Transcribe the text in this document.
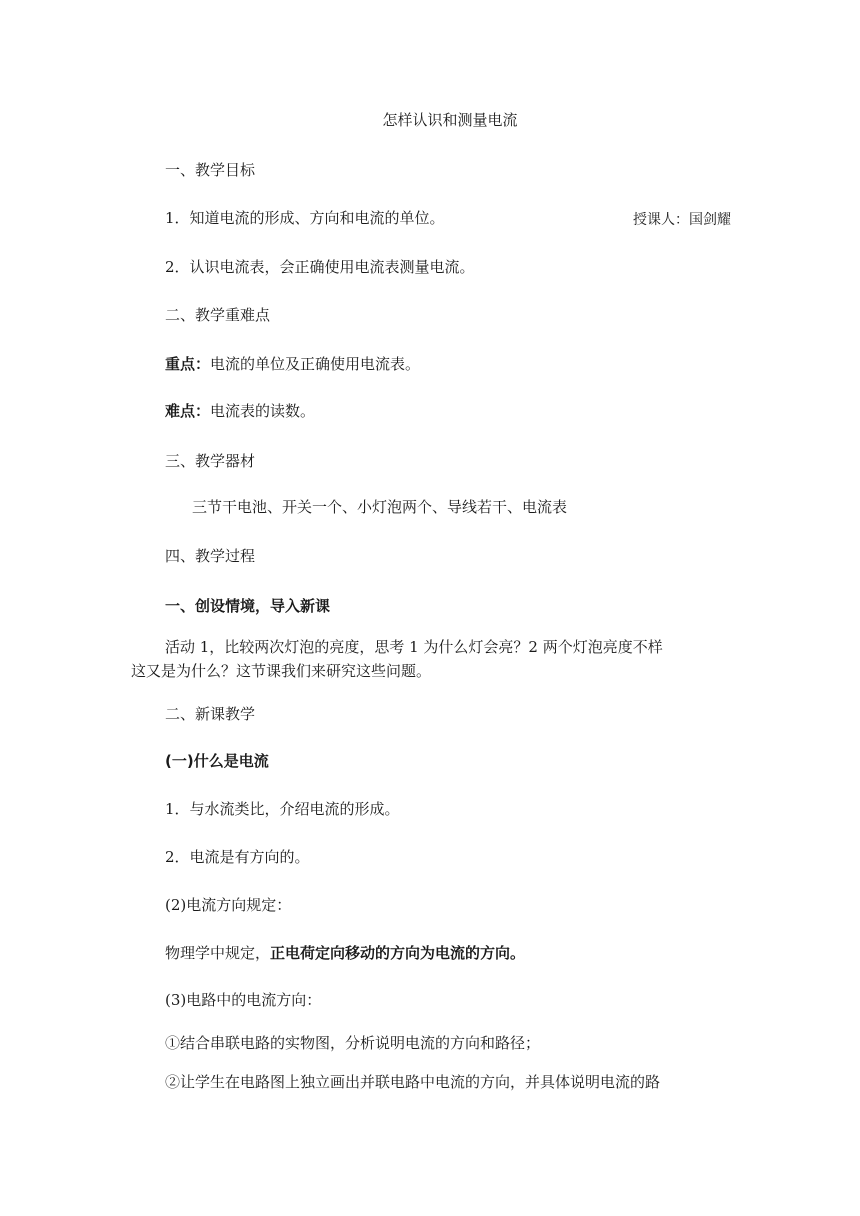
怎样认识和测量电流
一、教学目标
1．知道电流的形成、方向和电流的单位。	授课人：国剑耀
2．认识电流表，会正确使用电流表测量电流。
二、教学重难点
重点：电流的单位及正确使用电流表。
难点：电流表的读数。
三、教学器材
三节干电池、开关一个、小灯泡两个、导线若干、电流表
四、教学过程
一、创设情境，导入新课
活动 1，比较两次灯泡的亮度，思考 1 为什么灯会亮？2 两个灯泡亮度不样
这又是为什么？这节课我们来研究这些问题。
二、新课教学
(一)什么是电流
1．与水流类比，介绍电流的形成。
2．电流是有方向的。
(2)电流方向规定：
物理学中规定，正电荷定向移动的方向为电流的方向。
(3)电路中的电流方向：
①结合串联电路的实物图，分析说明电流的方向和路径；
②让学生在电路图上独立画出并联电路中电流的方向，并具体说明电流的路
